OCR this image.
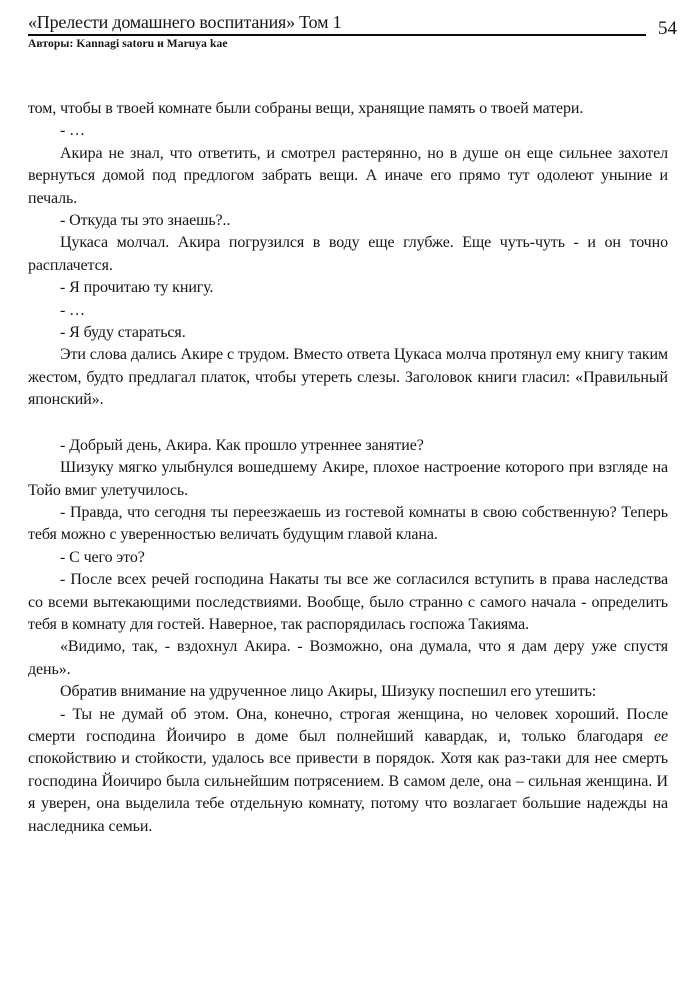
«Прелести домашнего воспитания» Том 1	54
Авторы: Kannagi satoru и Maruya kae

том, чтобы в твоей комнате были собраны вещи, хранящие память о твоей матери.

- …

Акира не знал, что ответить, и смотрел растерянно, но в душе он еще сильнее захотел вернуться домой под предлогом забрать вещи. А иначе его прямо тут одолеют уныние и печаль.

- Откуда ты это знаешь?..

Цукаса молчал. Акира погрузился в воду еще глубже. Еще чуть-чуть - и он точно расплачется.

- Я прочитаю ту книгу.

- …

- Я буду стараться.

Эти слова дались Акире с трудом. Вместо ответа Цукаса молча протянул ему книгу таким жестом, будто предлагал платок, чтобы утереть слезы. Заголовок книги гласил: «Правильный японский».

- Добрый день, Акира. Как прошло утреннее занятие?

Шизуку мягко улыбнулся вошедшему Акире, плохое настроение которого при взгляде на Тойо вмиг улетучилось.

- Правда, что сегодня ты переезжаешь из гостевой комнаты в свою собственную? Теперь тебя можно с уверенностью величать будущим главой клана.

- С чего это?

- После всех речей господина Накаты ты все же согласился вступить в права наследства со всеми вытекающими последствиями. Вообще, было странно с самого начала - определить тебя в комнату для гостей. Наверное, так распорядилась госпожа Такияма.

«Видимо, так, - вздохнул Акира. - Возможно, она думала, что я дам деру уже спустя день».

Обратив внимание на удрученное лицо Акиры, Шизуку поспешил его утешить:

- Ты не думай об этом. Она, конечно, строгая женщина, но человек хороший. После смерти господина Йоичиро в доме был полнейший кавардак, и, только благодаря ее спокойствию и стойкости, удалось все привести в порядок. Хотя как раз-таки для нее смерть господина Йоичиро была сильнейшим потрясением. В самом деле, она – сильная женщина. И я уверен, она выделила тебе отдельную комнату, потому что возлагает большие надежды на наследника семьи.
